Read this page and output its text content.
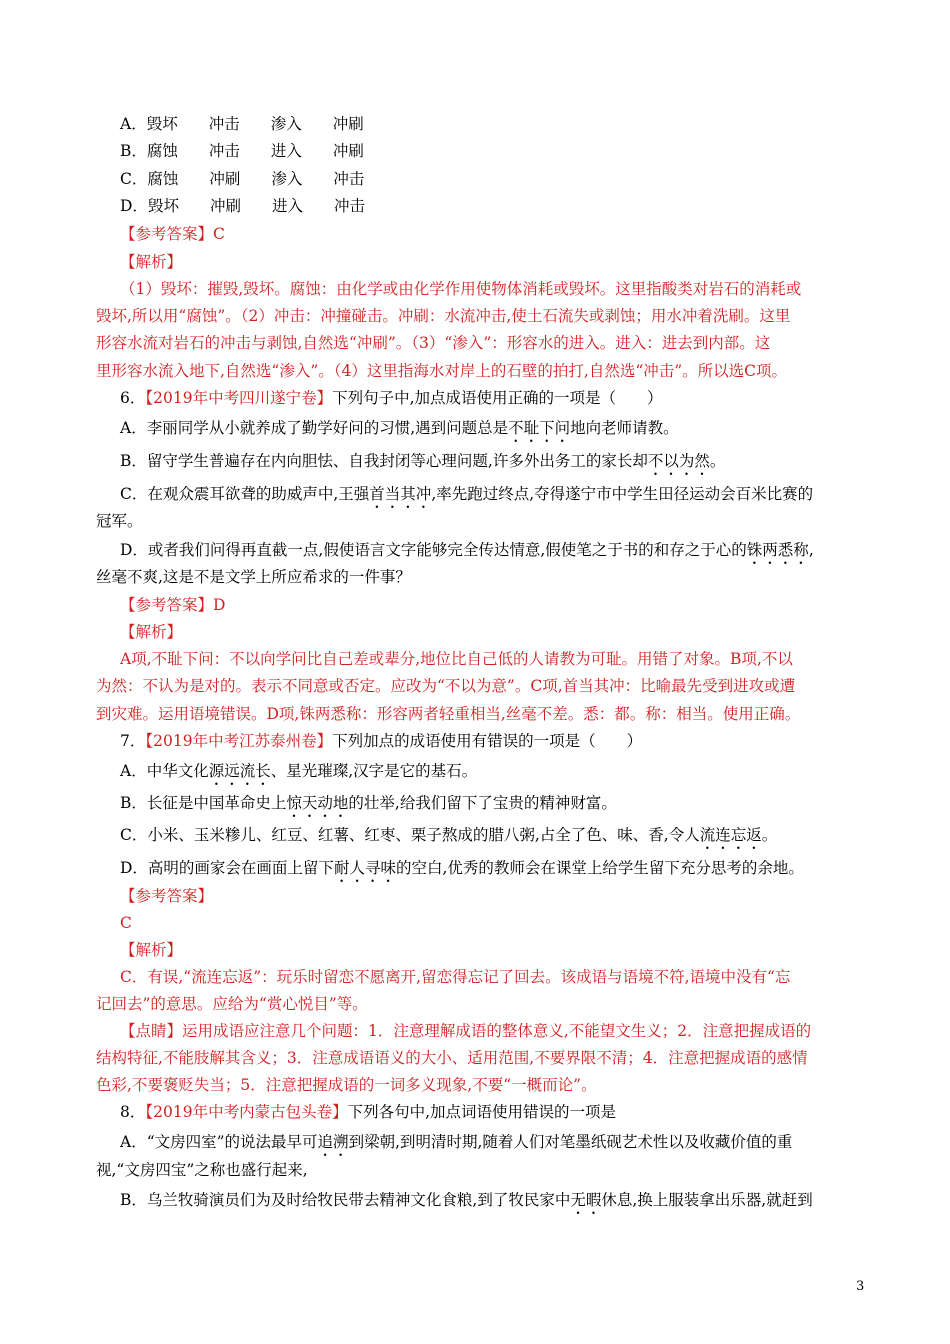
A．毁坏 冲击 渗入 冲刷
B．腐蚀 冲击 进入 冲刷
C．腐蚀 冲刷 渗入 冲击
D．毁坏 冲刷 进入 冲击
【参考答案】C
【解析】
（1）毁坏：摧毁,毁坏。腐蚀：由化学或由化学作用使物体消耗或毁坏。这里指酸类对岩石的消耗或
毁坏,所以用“腐蚀”。（2）冲击：冲撞碰击。冲刷：水流冲击,使土石流失或剥蚀；用水冲着洗刷。这里
形容水流对岩石的冲击与剥蚀,自然选“冲刷”。（3）“渗入”：形容水的进入。进入：进去到内部。这
里形容水流入地下,自然选“渗入”。（4）这里指海水对岸上的石壁的拍打,自然选“冲击”。所以选C项。
6．【2019年中考四川遂宁卷】下列句子中,加点成语使用正确的一项是（　　）
A．李丽同学从小就养成了勤学好问的习惯,遇到问题总是不耻下问地向老师请教。
B．留守学生普遍存在内向胆怯、自我封闭等心理问题,许多外出务工的家长却不以为然。
C．在观众震耳欲聋的助威声中,王强首当其冲,率先跑过终点,夺得遂宁市中学生田径运动会百米比赛的
冠军。
D．或者我们问得再直截一点,假使语言文字能够完全传达情意,假使笔之于书的和存之于心的铢两悉称,
丝毫不爽,这是不是文学上所应希求的一件事？
【参考答案】D
【解析】
A项,不耻下问：不以向学问比自己差或辈分,地位比自己低的人请教为可耻。用错了对象。B项,不以
为然：不认为是对的。表示不同意或否定。应改为“不以为意”。C项,首当其冲：比喻最先受到进攻或遭
到灾难。运用语境错误。D项,铢两悉称：形容两者轻重相当,丝毫不差。悉：都。称：相当。使用正确。
7．【2019年中考江苏泰州卷】下列加点的成语使用有错误的一项是（　　）
A．中华文化源远流长、星光璀璨,汉字是它的基石。
B．长征是中国革命史上惊天动地的壮举,给我们留下了宝贵的精神财富。
C．小米、玉米糁儿、红豆、红薯、红枣、栗子熬成的腊八粥,占全了色、味、香,令人流连忘返。
D．高明的画家会在画面上留下耐人寻味的空白,优秀的教师会在课堂上给学生留下充分思考的余地。
【参考答案】
C
【解析】
C．有误,“流连忘返”：玩乐时留恋不愿离开,留恋得忘记了回去。该成语与语境不符,语境中没有“忘
记回去”的意思。应给为“赏心悦目”等。
【点睛】运用成语应注意几个问题：1．注意理解成语的整体意义,不能望文生义；2．注意把握成语的
结构特征,不能肢解其含义；3．注意成语语义的大小、适用范围,不要界限不清；4．注意把握成语的感情
色彩,不要褒贬失当；5．注意把握成语的一词多义现象,不要“一概而论”。
8．【2019年中考内蒙古包头卷】下列各句中,加点词语使用错误的一项是
A．“文房四室”的说法最早可追溯到梁朝,到明清时期,随着人们对笔墨纸砚艺术性以及收藏价值的重
视,“文房四宝”之称也盛行起来,
B．乌兰牧骑演员们为及时给牧民带去精神文化食粮,到了牧民家中无暇休息,换上服装拿出乐器,就赶到
3
